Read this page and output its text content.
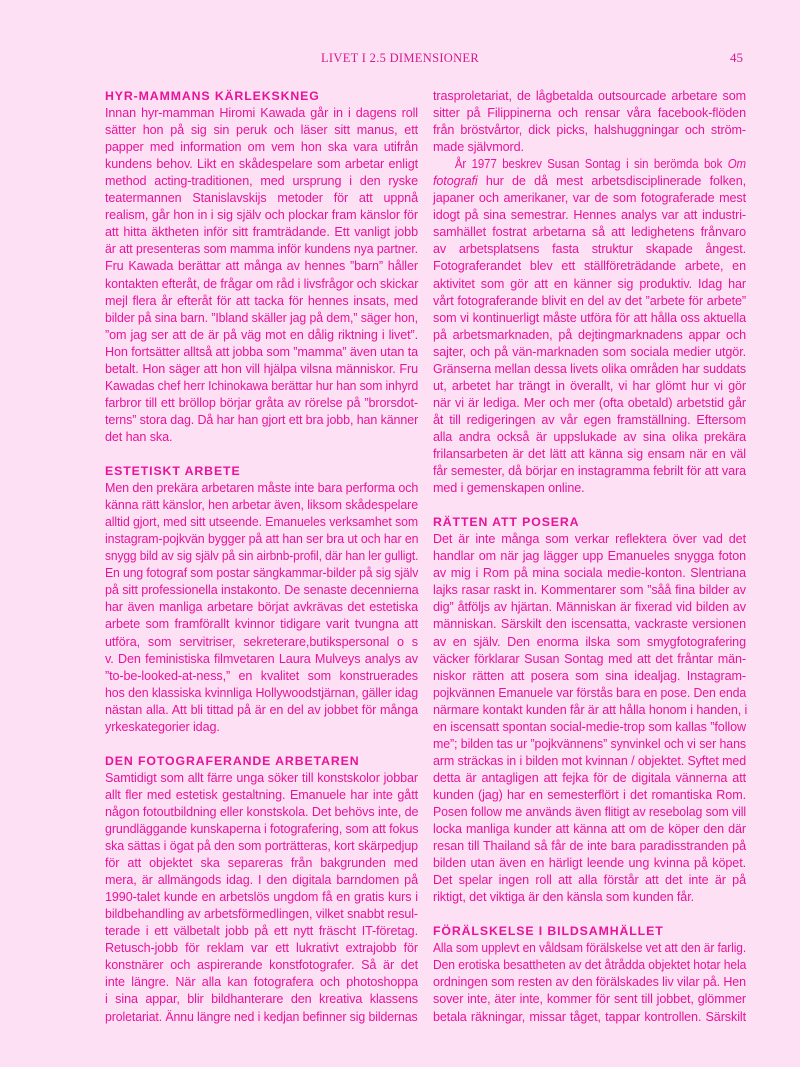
LIVET I 2.5 DIMENSIONER	45
HYR-MAMMANS KÄRLEKSKNEG
Innan hyr-mamman Hiromi Kawada går in i dagens roll
sätter hon på sig sin peruk och läser sitt manus, ett
papper med information om vem hon ska vara utifrån
kundens behov. Likt en skådespelare som arbetar enligt
method acting-traditionen, med ursprung i den ryske
teatermannen Stanislavskijs metoder för att uppnå
realism, går hon in i sig själv och plockar fram känslor för
att hitta äktheten inför sitt framträdande. Ett vanligt jobb
är att presenteras som mamma inför kundens nya partner.
Fru Kawada berättar att många av hennes ”barn” håller
kontakten efteråt, de frågar om råd i livsfrågor och skickar
mejl flera år efteråt för att tacka för hennes insats, med
bilder på sina barn. ”Ibland skäller jag på dem,” säger hon,
”om jag ser att de är på väg mot en dålig riktning i livet”.
Hon fortsätter alltså att jobba som ”mamma” även utan ta
betalt. Hon säger att hon vill hjälpa vilsna människor. Fru
Kawadas chef herr Ichinokawa berättar hur han som inhyrd
farbror till ett bröllop börjar gråta av rörelse på ”brorsdot-
terns” stora dag. Då har han gjort ett bra jobb, han känner
det han ska.
ESTETISKT ARBETE
Men den prekära arbetaren måste inte bara performa och
känna rätt känslor, hen arbetar även, liksom skådespelare
alltid gjort, med sitt utseende. Emanueles verksamhet som
instagram-pojkvän bygger på att han ser bra ut och har en
snygg bild av sig själv på sin airbnb-profil, där han ler gulligt.
En ung fotograf som postar sängkammar-bilder på sig själv
på sitt professionella instakonto. De senaste decennierna
har även manliga arbetare börjat avkrävas det estetiska
arbete som framförallt kvinnor tidigare varit tvungna att
utföra, som servitriser, sekreterare,butikspersonal o s
v. Den feministiska filmvetaren Laura Mulveys analys av
”to-be-looked-at-ness,” en kvalitet som konstruerades
hos den klassiska kvinnliga Hollywoodstjärnan, gäller idag
nästan alla. Att bli tittad på är en del av jobbet för många
yrkeskategorier idag.
DEN FOTOGRAFERANDE ARBETAREN
Samtidigt som allt färre unga söker till konstskolor jobbar
allt fler med estetisk gestaltning. Emanuele har inte gått
någon fotoutbildning eller konstskola. Det behövs inte, de
grundläggande kunskaperna i fotografering, som att fokus
ska sättas i ögat på den som porträtteras, kort skärpedjup
för att objektet ska separeras från bakgrunden med
mera, är allmängods idag. I den digitala barndomen på
1990-talet kunde en arbetslös ungdom få en gratis kurs i
bildbehandling av arbetsförmedlingen, vilket snabbt resul-
terade i ett välbetalt jobb på ett nytt fräscht IT-företag.
Retusch-jobb för reklam var ett lukrativt extrajobb för
konstnärer och aspirerande konstfotografer. Så är det
inte längre. När alla kan fotografera och photoshoppa
i sina appar, blir bildhanterare den kreativa klassens
proletariat. Ännu längre ned i kedjan befinner sig bildernas
trasproletariat, de lågbetalda outsourcade arbetare som
sitter på Filippinerna och rensar våra facebook-flöden
från bröstvårtor, dick picks, halshuggningar och ström-
made självmord.
År 1977 beskrev Susan Sontag i sin berömda bok Om
fotografi hur de då mest arbetsdisciplinerade folken,
japaner och amerikaner, var de som fotograferade mest
idogt på sina semestrar. Hennes analys var att industri-
samhället fostrat arbetarna så att ledighetens frånvaro
av arbetsplatsens fasta struktur skapade ångest.
Fotograferandet blev ett ställföreträdande arbete, en
aktivitet som gör att en känner sig produktiv. Idag har
vårt fotograferande blivit en del av det ”arbete för arbete”
som vi kontinuerligt måste utföra för att hålla oss aktuella
på arbetsmarknaden, på dejtingmarknadens appar och
sajter, och på vän-marknaden som sociala medier utgör.
Gränserna mellan dessa livets olika områden har suddats
ut, arbetet har trängt in överallt, vi har glömt hur vi gör
när vi är lediga. Mer och mer (ofta obetald) arbetstid går
åt till redigeringen av vår egen framställning. Eftersom
alla andra också är uppslukade av sina olika prekära
frilansarbeten är det lätt att känna sig ensam när en väl
får semester, då börjar en instagramma febrilt för att vara
med i gemenskapen online.
RÄTTEN ATT POSERA
Det är inte många som verkar reflektera över vad det
handlar om när jag lägger upp Emanueles snygga foton
av mig i Rom på mina sociala medie-konton. Slentriana
lajks rasar raskt in. Kommentarer som ”såå fina bilder av
dig” åtföljs av hjärtan. Människan är fixerad vid bilden av
människan. Särskilt den iscensatta, vackraste versionen
av en själv. Den enorma ilska som smygfotografering
väcker förklarar Susan Sontag med att det fråntar män-
niskor rätten att posera som sina idealjag. Instagram-
pojkvännen Emanuele var förstås bara en pose. Den enda
närmare kontakt kunden får är att hålla honom i handen, i
en iscensatt spontan social-medie-trop som kallas ”follow
me”; bilden tas ur ”pojkvännens” synvinkel och vi ser hans
arm sträckas in i bilden mot kvinnan / objektet. Syftet med
detta är antagligen att fejka för de digitala vännerna att
kunden (jag) har en semesterflört i det romantiska Rom.
Posen follow me används även flitigt av resebolag som vill
locka manliga kunder att känna att om de köper den där
resan till Thailand så får de inte bara paradisstranden på
bilden utan även en härligt leende ung kvinna på köpet.
Det spelar ingen roll att alla förstår att det inte är på
riktigt, det viktiga är den känsla som kunden får.
FÖRÄLSKELSE I BILDSAMHÄLLET
Alla som upplevt en våldsam förälskelse vet att den är farlig.
Den erotiska besattheten av det åtrådda objektet hotar hela
ordningen som resten av den förälskades liv vilar på. Hen
sover inte, äter inte, kommer för sent till jobbet, glömmer
betala räkningar, missar tåget, tappar kontrollen. Särskilt
